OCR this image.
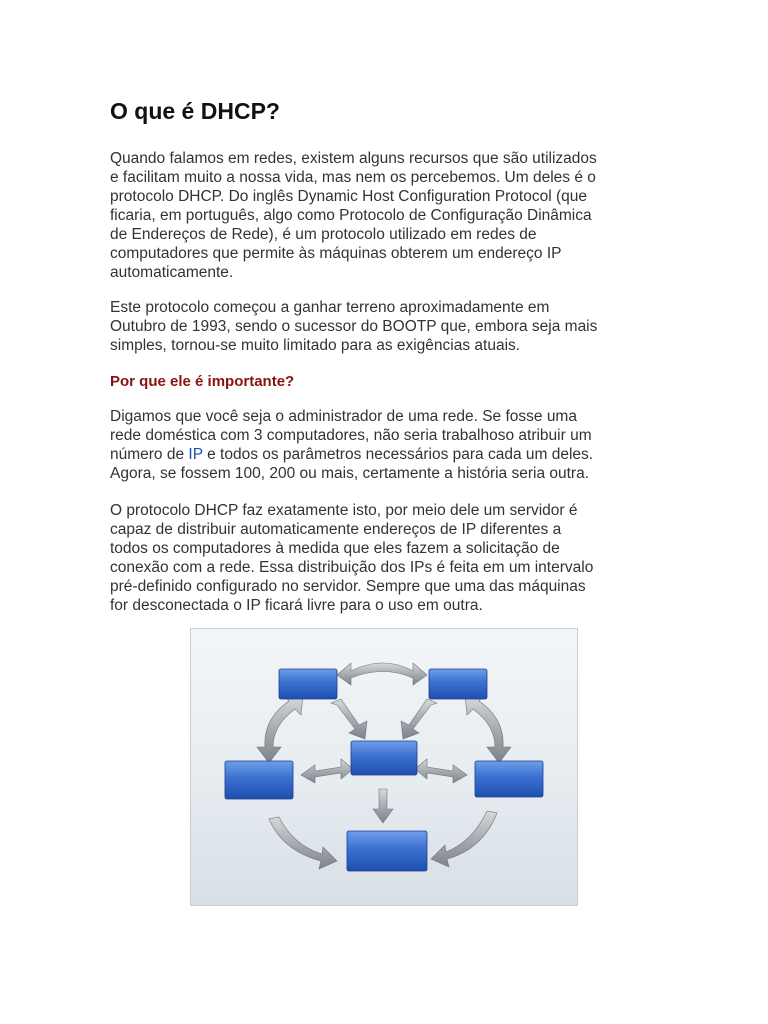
O que é DHCP?

Quando falamos em redes, existem alguns recursos que são utilizados
e facilitam muito a nossa vida, mas nem os percebemos. Um deles é o
protocolo DHCP. Do inglês Dynamic Host Configuration Protocol (que
ficaria, em português, algo como Protocolo de Configuração Dinâmica
de Endereços de Rede), é um protocolo utilizado em redes de
computadores que permite às máquinas obterem um endereço IP
automaticamente.

Este protocolo começou a ganhar terreno aproximadamente em
Outubro de 1993, sendo o sucessor do BOOTP que, embora seja mais
simples, tornou-se muito limitado para as exigências atuais.

Por que ele é importante?

Digamos que você seja o administrador de uma rede. Se fosse uma
rede doméstica com 3 computadores, não seria trabalhoso atribuir um
número de IP e todos os parâmetros necessários para cada um deles.
Agora, se fossem 100, 200 ou mais, certamente a história seria outra.

O protocolo DHCP faz exatamente isto, por meio dele um servidor é
capaz de distribuir automaticamente endereços de IP diferentes a
todos os computadores à medida que eles fazem a solicitação de
conexão com a rede. Essa distribuição dos IPs é feita em um intervalo
pré-definido configurado no servidor. Sempre que uma das máquinas
for desconectada o IP ficará livre para o uso em outra.
